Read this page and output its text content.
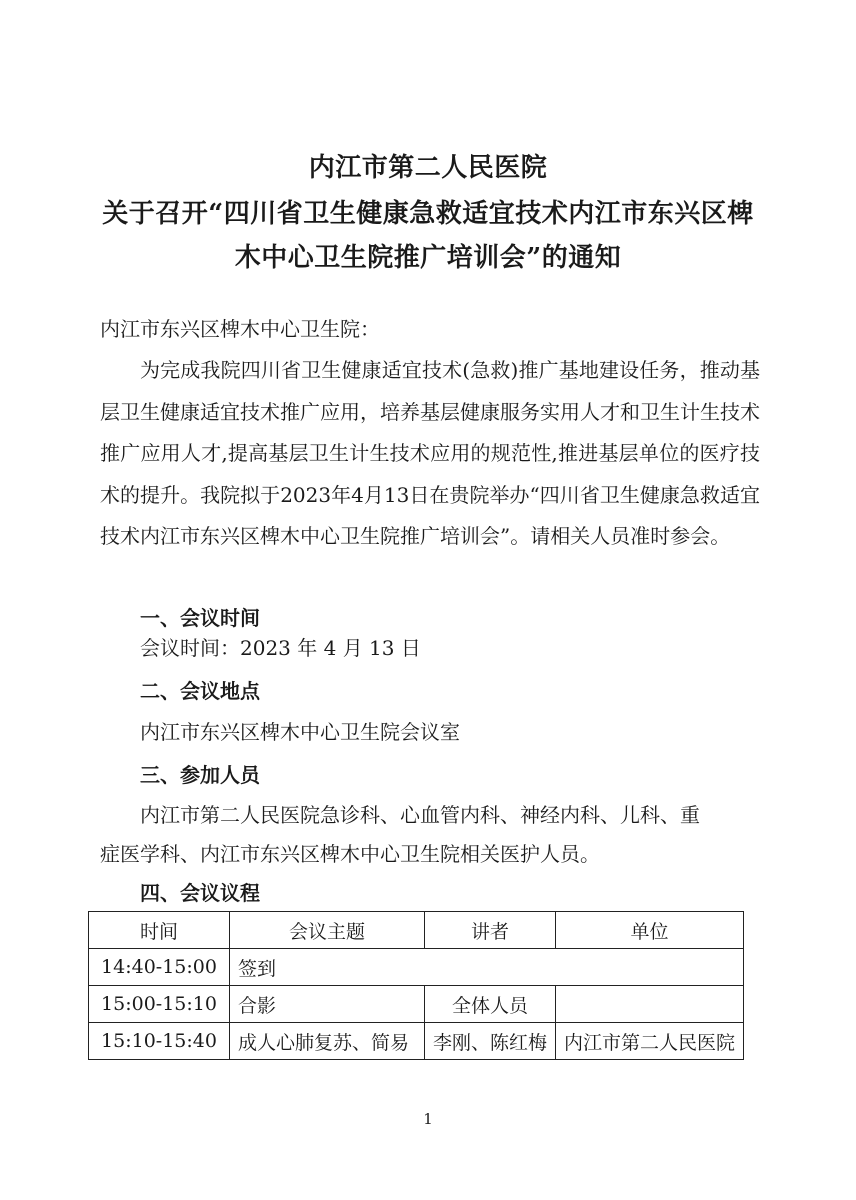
内江市第二人民医院
关于召开“四川省卫生健康急救适宜技术内江市东兴区椑
木中心卫生院推广培训会”的通知

内江市东兴区椑木中心卫生院：

为完成我院四川省卫生健康适宜技术(急救)推广基地建设任务，推动基层卫生健康适宜技术推广应用，培养基层健康服务实用人才和卫生计生技术推广应用人才,提高基层卫生计生技术应用的规范性,推进基层单位的医疗技术的提升。我院拟于2023年4月13日在贵院举办“四川省卫生健康急救适宜技术内江市东兴区椑木中心卫生院推广培训会”。请相关人员准时参会。

一、会议时间
会议时间：2023 年 4 月 13 日
二、会议地点
内江市东兴区椑木中心卫生院会议室
三、参加人员
内江市第二人民医院急诊科、心血管内科、神经内科、儿科、重
症医学科、内江市东兴区椑木中心卫生院相关医护人员。
四、会议议程
时间	会议主题	讲者	单位
14:40-15:00	签到		
15:00-15:10	合影	全体人员	
15:10-15:40	成人心肺复苏、简易	李刚、陈红梅	内江市第二人民医院
1
